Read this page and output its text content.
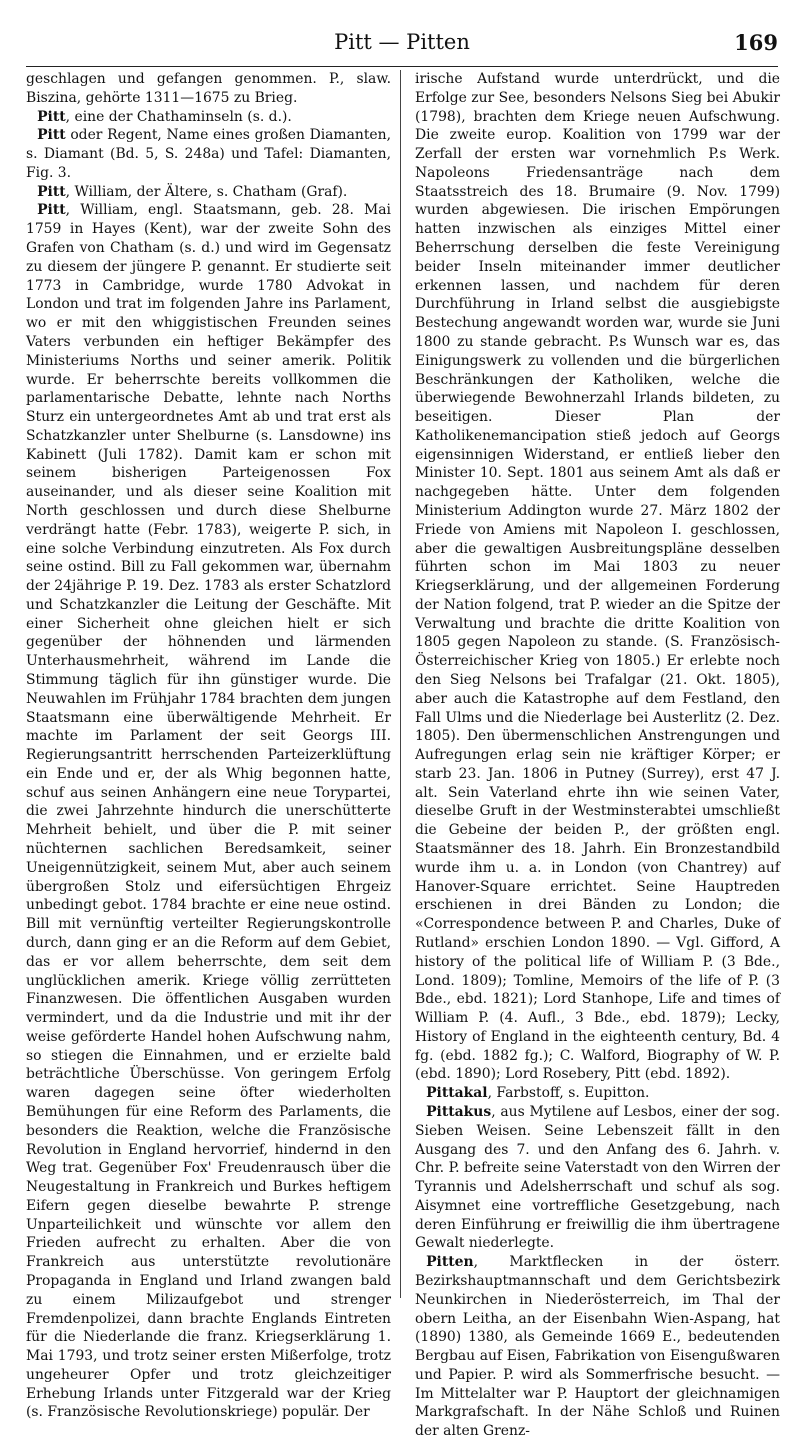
Pitt — Pitten	169

geschlagen und gefangen genommen. P., slaw. Biszina, gehörte 1311—1675 zu Brieg.

Pitt, eine der Chathaminseln (s. d.).

Pitt oder Regent, Name eines großen Diamanten, s. Diamant (Bd. 5, S. 248a) und Tafel: Diamanten, Fig. 3.

Pitt, William, der Ältere, s. Chatham (Graf).

Pitt, William, engl. Staatsmann, geb. 28. Mai 1759 in Hayes (Kent), war der zweite Sohn des Grafen von Chatham (s. d.) und wird im Gegensatz zu diesem der jüngere P. genannt. Er studierte seit 1773 in Cambridge, wurde 1780 Advokat in London und trat im folgenden Jahre ins Parlament, wo er mit den whiggistischen Freunden seines Vaters verbunden ein heftiger Bekämpfer des Ministeriums Norths und seiner amerik. Politik wurde. Er beherrschte bereits vollkommen die parlamentarische Debatte, lehnte nach Norths Sturz ein untergeordnetes Amt ab und trat erst als Schatzkanzler unter Shelburne (s. Lansdowne) ins Kabinett (Juli 1782). Damit kam er schon mit seinem bisherigen Parteigenossen Fox auseinander, und als dieser seine Koalition mit North geschlossen und durch diese Shelburne verdrängt hatte (Febr. 1783), weigerte P. sich, in eine solche Verbindung einzutreten. Als Fox durch seine ostind. Bill zu Fall gekommen war, übernahm der 24jährige P. 19. Dez. 1783 als erster Schatzlord und Schatzkanzler die Leitung der Geschäfte. Mit einer Sicherheit ohne gleichen hielt er sich gegenüber der höhnenden und lärmenden Unterhausmehrheit, während im Lande die Stimmung täglich für ihn günstiger wurde. Die Neuwahlen im Frühjahr 1784 brachten dem jungen Staatsmann eine überwältigende Mehrheit. Er machte im Parlament der seit Georgs III. Regierungsantritt herrschenden Parteizerklüftung ein Ende und er, der als Whig begonnen hatte, schuf aus seinen Anhängern eine neue Torypartei, die zwei Jahrzehnte hindurch die unerschütterte Mehrheit behielt, und über die P. mit seiner nüchternen sachlichen Beredsamkeit, seiner Uneigennützigkeit, seinem Mut, aber auch seinem übergroßen Stolz und eifersüchtigen Ehrgeiz unbedingt gebot. 1784 brachte er eine neue ostind. Bill mit vernünftig verteilter Regierungskontrolle durch, dann ging er an die Reform auf dem Gebiet, das er vor allem beherrschte, dem seit dem unglücklichen amerik. Kriege völlig zerrütteten Finanzwesen. Die öffentlichen Ausgaben wurden vermindert, und da die Industrie und mit ihr der weise geförderte Handel hohen Aufschwung nahm, so stiegen die Einnahmen, und er erzielte bald beträchtliche Überschüsse. Von geringem Erfolg waren dagegen seine öfter wiederholten Bemühungen für eine Reform des Parlaments, die besonders die Reaktion, welche die Französische Revolution in England hervorrief, hindernd in den Weg trat. Gegenüber Fox' Freudenrausch über die Neugestaltung in Frankreich und Burkes heftigem Eifern gegen dieselbe bewahrte P. strenge Unparteilichkeit und wünschte vor allem den Frieden aufrecht zu erhalten. Aber die von Frankreich aus unterstützte revolutionäre Propaganda in England und Irland zwangen bald zu einem Milizaufgebot und strenger Fremdenpolizei, dann brachte Englands Eintreten für die Niederlande die franz. Kriegserklärung 1. Mai 1793, und trotz seiner ersten Mißerfolge, trotz ungeheurer Opfer und trotz gleichzeitiger Erhebung Irlands unter Fitzgerald war der Krieg (s. Französische Revolutionskriege) populär. Der

irische Aufstand wurde unterdrückt, und die Erfolge zur See, besonders Nelsons Sieg bei Abukir (1798), brachten dem Kriege neuen Aufschwung. Die zweite europ. Koalition von 1799 war der Zerfall der ersten war vornehmlich P.s Werk. Napoleons Friedensanträge nach dem Staatsstreich des 18. Brumaire (9. Nov. 1799) wurden abgewiesen. Die irischen Empörungen hatten inzwischen als einziges Mittel einer Beherrschung derselben die feste Vereinigung beider Inseln miteinander immer deutlicher erkennen lassen, und nachdem für deren Durchführung in Irland selbst die ausgiebigste Bestechung angewandt worden war, wurde sie Juni 1800 zu stande gebracht. P.s Wunsch war es, das Einigungswerk zu vollenden und die bürgerlichen Beschränkungen der Katholiken, welche die überwiegende Bewohnerzahl Irlands bildeten, zu beseitigen. Dieser Plan der Katholikenemancipation stieß jedoch auf Georgs eigensinnigen Widerstand, er entließ lieber den Minister 10. Sept. 1801 aus seinem Amt als daß er nachgegeben hätte. Unter dem folgenden Ministerium Addington wurde 27. März 1802 der Friede von Amiens mit Napoleon I. geschlossen, aber die gewaltigen Ausbreitungspläne desselben führten schon im Mai 1803 zu neuer Kriegserklärung, und der allgemeinen Forderung der Nation folgend, trat P. wieder an die Spitze der Verwaltung und brachte die dritte Koalition von 1805 gegen Napoleon zu stande. (S. Französisch-Österreichischer Krieg von 1805.) Er erlebte noch den Sieg Nelsons bei Trafalgar (21. Okt. 1805), aber auch die Katastrophe auf dem Festland, den Fall Ulms und die Niederlage bei Austerlitz (2. Dez. 1805). Den übermenschlichen Anstrengungen und Aufregungen erlag sein nie kräftiger Körper; er starb 23. Jan. 1806 in Putney (Surrey), erst 47 J. alt. Sein Vaterland ehrte ihn wie seinen Vater, dieselbe Gruft in der Westminsterabtei umschließt die Gebeine der beiden P., der größten engl. Staatsmänner des 18. Jahrh. Ein Bronzestandbild wurde ihm u. a. in London (von Chantrey) auf Hanover-Square errichtet. Seine Hauptreden erschienen in drei Bänden zu London; die «Correspondence between P. and Charles, Duke of Rutland» erschien London 1890. — Vgl. Gifford, A history of the political life of William P. (3 Bde., Lond. 1809); Tomline, Memoirs of the life of P. (3 Bde., ebd. 1821); Lord Stanhope, Life and times of William P. (4. Aufl., 3 Bde., ebd. 1879); Lecky, History of England in the eighteenth century, Bd. 4 fg. (ebd. 1882 fg.); C. Walford, Biography of W. P. (ebd. 1890); Lord Rosebery, Pitt (ebd. 1892).

Pittakal, Farbstoff, s. Eupitton.

Pittakus, aus Mytilene auf Lesbos, einer der sog. Sieben Weisen. Seine Lebenszeit fällt in den Ausgang des 7. und den Anfang des 6. Jahrh. v. Chr. P. befreite seine Vaterstadt von den Wirren der Tyrannis und Adelsherrschaft und schuf als sog. Aisymnet eine vortreffliche Gesetzgebung, nach deren Einführung er freiwillig die ihm übertragene Gewalt niederlegte.

Pitten, Marktflecken in der österr. Bezirkshauptmannschaft und dem Gerichtsbezirk Neunkirchen in Niederösterreich, im Thal der obern Leitha, an der Eisenbahn Wien-Aspang, hat (1890) 1380, als Gemeinde 1669 E., bedeutenden Bergbau auf Eisen, Fabrikation von Eisengußwaren und Papier. P. wird als Sommerfrische besucht. — Im Mittelalter war P. Hauptort der gleichnamigen Markgrafschaft. In der Nähe Schloß und Ruinen der alten Grenz-
